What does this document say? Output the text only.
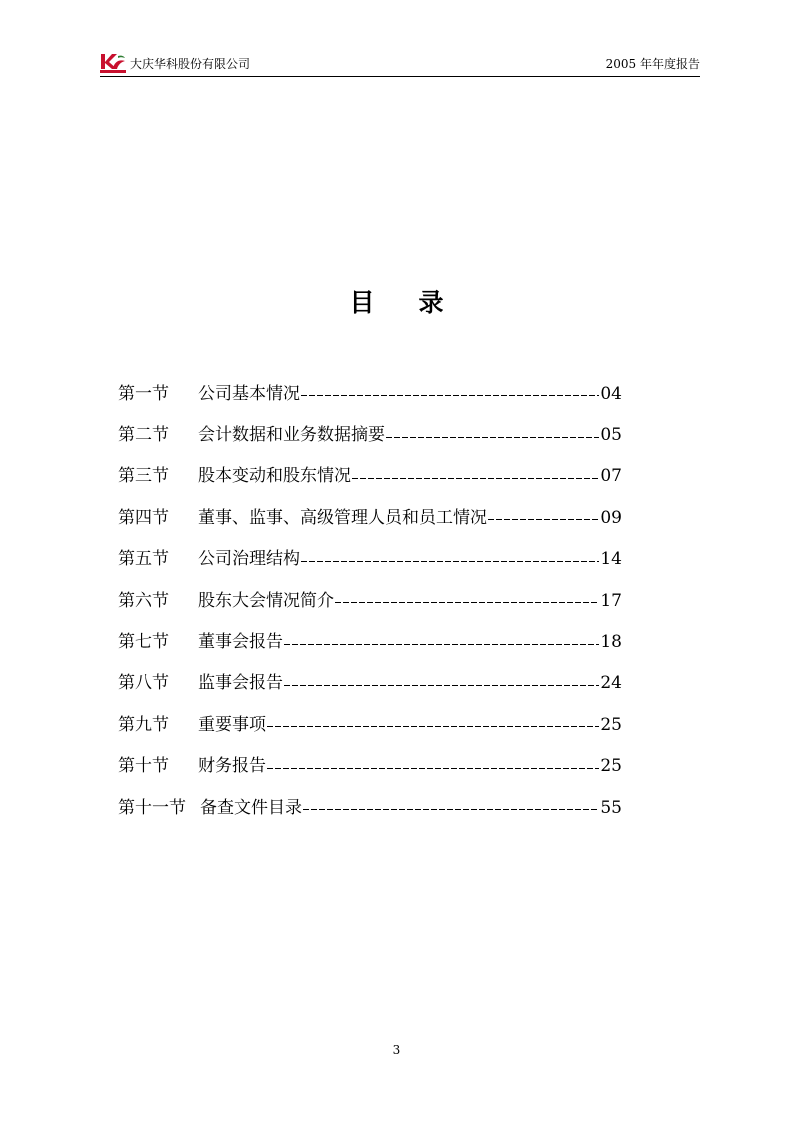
大庆华科股份有限公司	2005 年年度报告
目 录
第一节	公司基本情况	04
第二节	会计数据和业务数据摘要	05
第三节	股本变动和股东情况	07
第四节	董事、监事、高级管理人员和员工情况	09
第五节	公司治理结构	14
第六节	股东大会情况简介	17
第七节	董事会报告	18
第八节	监事会报告	24
第九节	重要事项	25
第十节	财务报告	25
第十一节 备查文件目录	55
3
